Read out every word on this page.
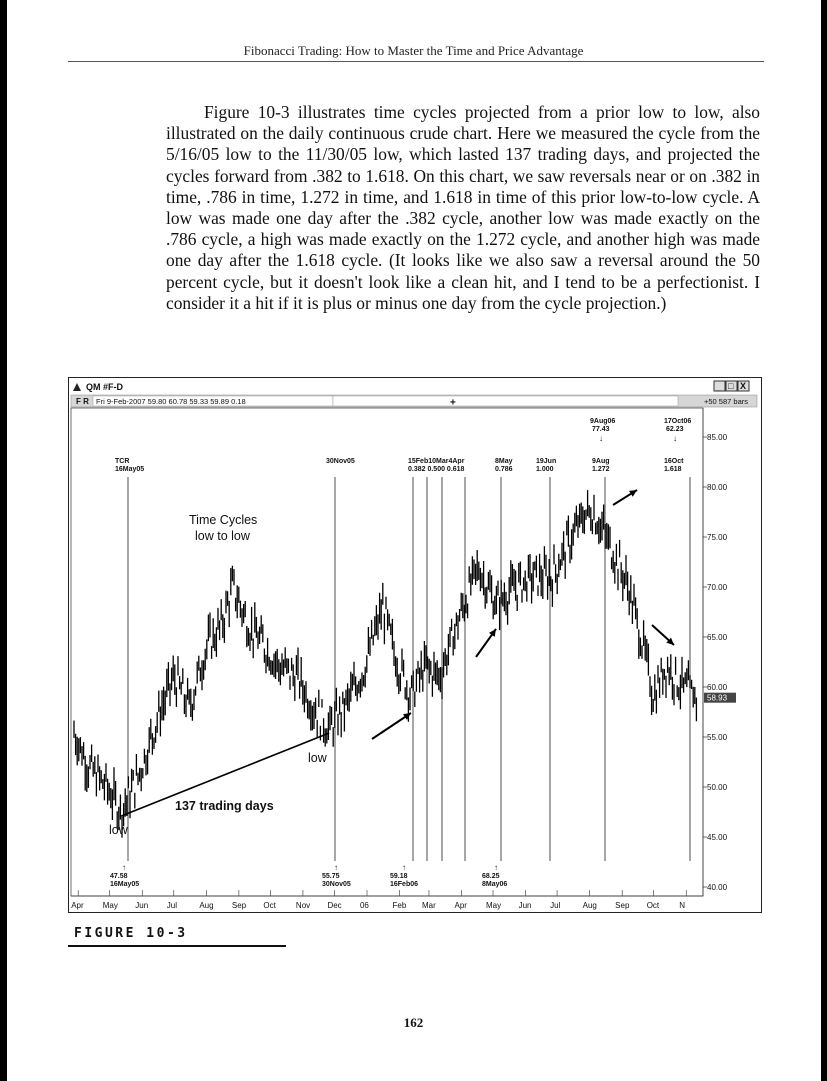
Fibonacci Trading: How to Master the Time and Price Advantage

Figure 10-3 illustrates time cycles projected from a prior low to low, also illustrated on the daily continuous crude chart. Here we measured the cycle from the 5/16/05 low to the 11/30/05 low, which lasted 137 trading days, and projected the cycles forward from .382 to 1.618. On this chart, we saw reversals near or on .382 in time, .786 in time, 1.272 in time, and 1.618 in time of this prior low-to-low cycle. A low was made one day after the .382 cycle, another low was made exactly on the .786 cycle, a high was made exactly on the 1.272 cycle, and another high was made one day after the 1.618 cycle. (It looks like we also saw a reversal around the 50 percent cycle, but it doesn't look like a clean hit, and I tend to be a perfectionist. I consider it a hit if it is plus or minus one day from the cycle projection.)

QM #F-D	_ □ X
F R Fri 9-Feb-2007 59.80 60.78 59.33 59.89 0.18	+	+50 587 bars
85.00
80.00
75.00
70.00
65.00
60.00
55.00
50.00
45.00
40.00
58.93
TCR
16May05
30Nov05	15Feb10Mar4Apr
0.382 0.500 0.618
8May
0.786
19Jun
1.000
9Aug
1.272
16Oct
1.618
9Aug06
77.43
↓
17Oct06
62.23
↓
↑
47.58
16May05
↑
55.75
30Nov05
↑
59.18
16Feb06
↑
68.25
8May06
Time Cycles
low to low
low
low
137 trading days
Apr May Jun Jul	Aug Sep Oct	Nov Dec 06	Feb Mar Apr May Jun Jul	Aug Sep Oct	N
FIGURE 10-3
162
